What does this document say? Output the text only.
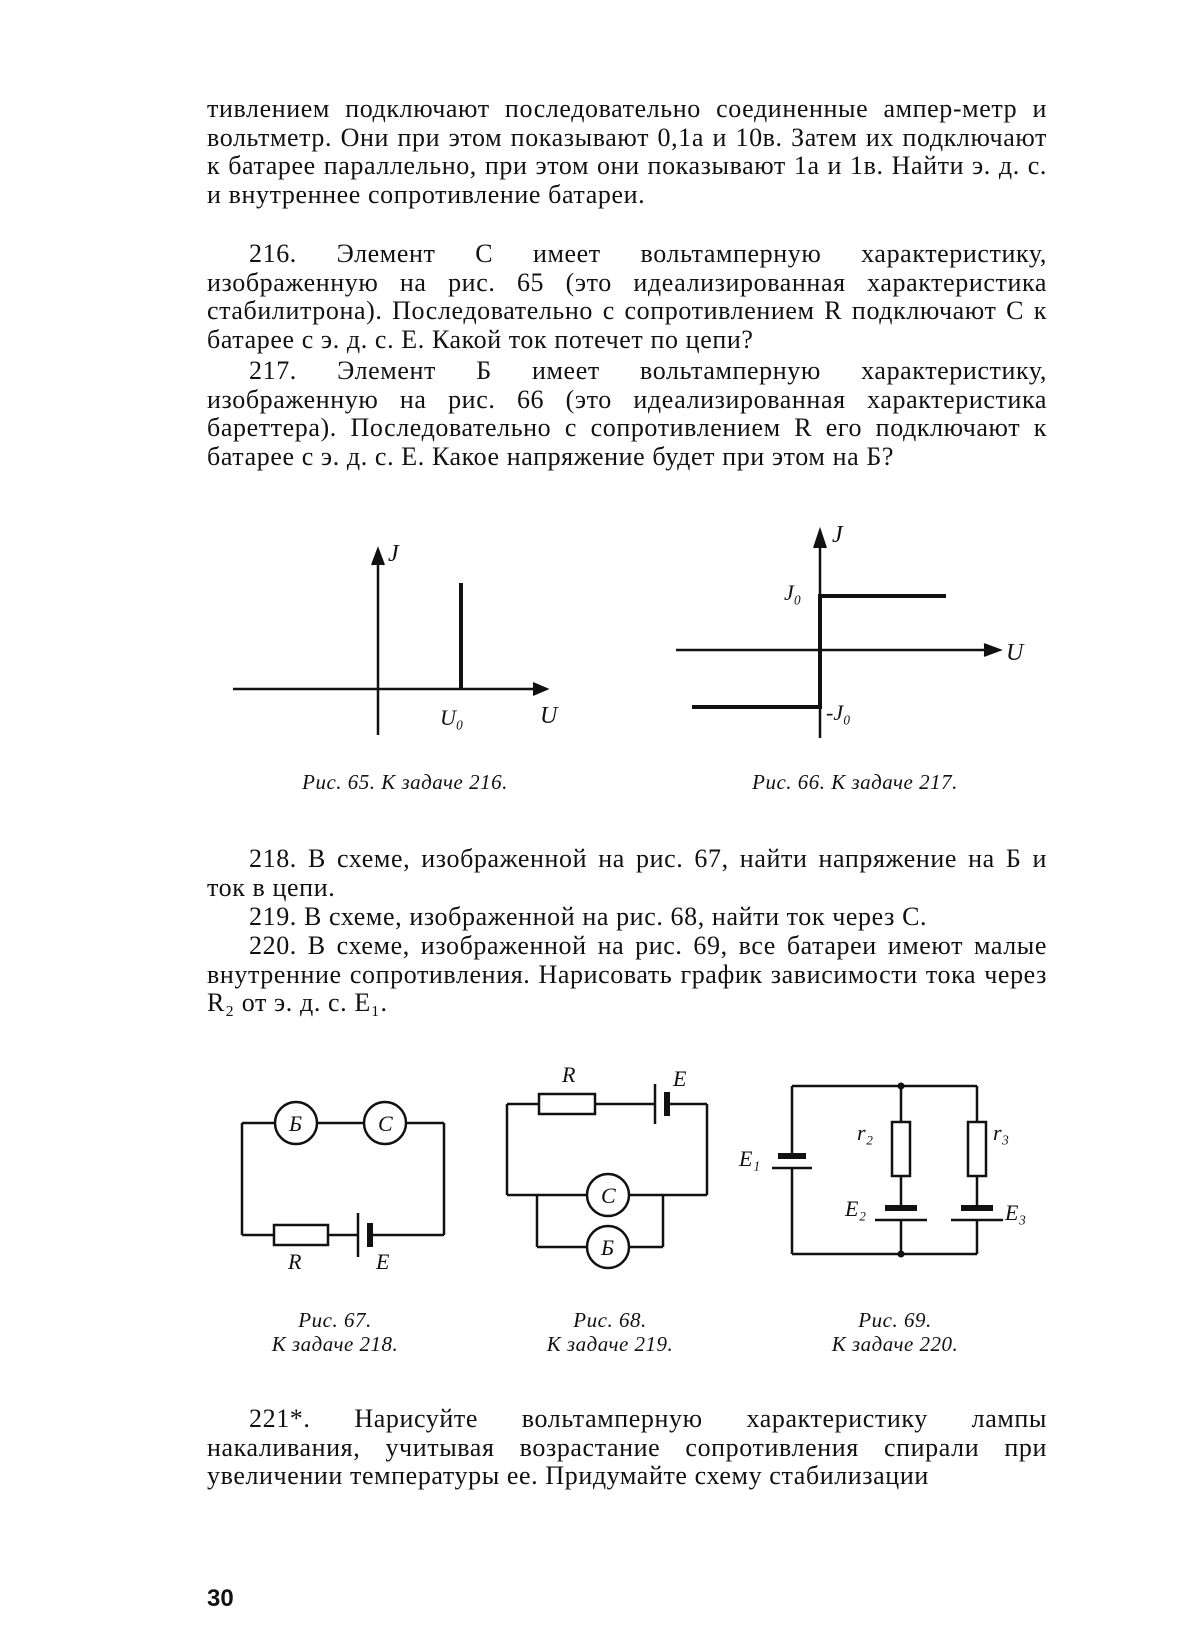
тивлением подключают последовательно соединенные ампер-метр и вольтметр. Они при этом показывают 0,1а и 10в. Затем их подключают к батарее параллельно, при этом они показывают 1а и 1в. Найти э. д. с. и внутреннее сопротивление батареи.
216. Элемент C имеет вольтамперную характеристику, изображенную на рис. 65 (это идеализированная характеристика стабилитрона). Последовательно с сопротивлением R подключают C к батарее с э. д. с. E. Какой ток потечет по цепи?
217. Элемент Б имеет вольтамперную характеристику, изображенную на рис. 66 (это идеализированная характеристика бареттера). Последовательно с сопротивлением R его подключают к батарее с э. д. с. E. Какое напряжение будет при этом на Б?
J
U
U₀
Рис. 65. К задаче 216.
J
U
J₀
-J₀
Рис. 66. К задаче 217.
218. В схеме, изображенной на рис. 67, найти напряжение на Б и ток в цепи.
219. В схеме, изображенной на рис. 68, найти ток через C.
220. В схеме, изображенной на рис. 69, все батареи имеют малые внутренние сопротивления. Нарисовать график зависимости тока через R₂ от э. д. с. E₁.
Б	C
R	E
Рис. 67.
К задаче 218.
R	E
C
Б
Рис. 68.
К задаче 219.
E₁
r₂	r₃
E₂	E₃
Рис. 69.
К задаче 220.
221*. Нарисуйте вольтамперную характеристику лампы накаливания, учитывая возрастание сопротивления спирали при увеличении температуры ее. Придумайте схему стабилизации
30
